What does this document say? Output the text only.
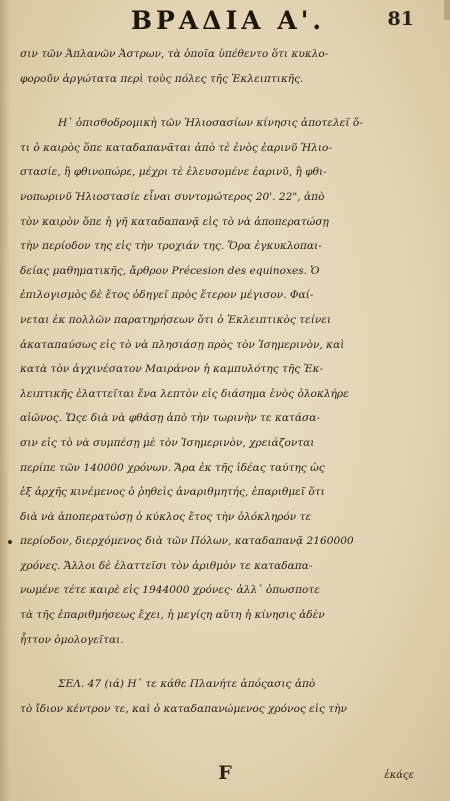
ΒΡΑΔΙΑ Α'.	81
σιν τῶν Ἀπλανῶν Ἀστρων, τὰ ὁποῖα ὑπέθεντο ὅτι κυκλο-
φοροῦν ἀργώτατα περὶ τοὺς πόλες τῆς Ἐκλειπτικῆς.
Η᾽ ὀπισθοδρομικὴ τῶν Ἡλιοσασίων κίνησις ἀποτελεῖ ὅ-
τι ὁ καιρὸς ὅπε καταδαπανᾶται ἀπὸ τὲ ἑνὸς ἐαρινῦ Ἡλιο-
στασίε, ἢ φθινοπώρε, μέχρι τὲ ἐλευσομένε ἐαρινῦ, ἢ φθι-
νοπωρινῦ Ἡλιοστασίε εἶναι συντομώτερος 20'. 22", ἀπὸ
τὸν καιρὸν ὅπε ἡ γῆ καταδαπανᾷ εἰς τὸ νὰ ἀποπερατώσῃ
τὴν περίοδον της εἰς τὴν τροχιάν της. Ὅρα ἐγκυκλοπαι-
δείας μαθηματικῆς, ἄρθρον Précesion des equinoxes. Ὁ
ἐπιλογισμὸς δὲ ἔτος ὁδηγεῖ πρὸς ἕτερον μέγισον. Φαί-
νεται ἐκ πολλῶν παρατηρήσεων ὅτι ὁ Ἐκλειπτικὸς τείνει
ἀκαταπαύσως εἰς τὸ νὰ πλησιάσῃ πρὸς τὸν Ἰσημερινὸν, καὶ
κατὰ τὸν ἀγχινέσατον Μαιράνον ἡ καμπυλότης τῆς Ἐκ-
λειπτικῆς ἐλαττεῖται ἕνα λεπτὸν εἰς διάσημα ἑνὸς ὁλοκλήρε
αἰῶνος. Ὥςε διὰ νὰ φθάσῃ ἀπὸ τὴν τωρινὴν τε κατάσα-
σιν εἰς τὸ νὰ συμπέσῃ μὲ τὸν Ἰσημερινὸν, χρειάζονται
περίπε τῶν 140000 χρόνων. Ἄρα ἐκ τῆς ἰδέας ταύτης ὡς
ἐξ ἀρχῆς κινέμενος ὁ ῥηθεὶς ἀναριθμητής, ἐπαριθμεῖ ὅτι
διὰ νὰ ἀποπερατώσῃ ὁ κύκλος ἔτος τὴν ὁλόκληρόν τε
περίοδον, διερχόμενος διὰ τῶν Πόλων, καταδαπανᾷ 2160000
χρόνες. Ἄλλοι δὲ ἐλαττεῖσι τὸν ἀριθμὸν τε καταδαπα-
νωμένε τέτε καιρὲ εἰς 1944000 χρόνες· ἀλλ᾽ ὁπωσποτε
τὰ τῆς ἐπαριθμήσεως ἔχει, ἡ μεγίςη αὕτη ἡ κίνησις ἀδὲν
ἧττον ὁμολογεῖται.
ΣΕΛ. 47 (ιά) Η᾽ τε κάθε Πλανήτε ἀπόςασις ἀπὸ
τὸ ἴδιον κέντρον τε, καὶ ὁ καταδαπανώμενος χρόνος εἰς τὴν
F	ἑκάςε
